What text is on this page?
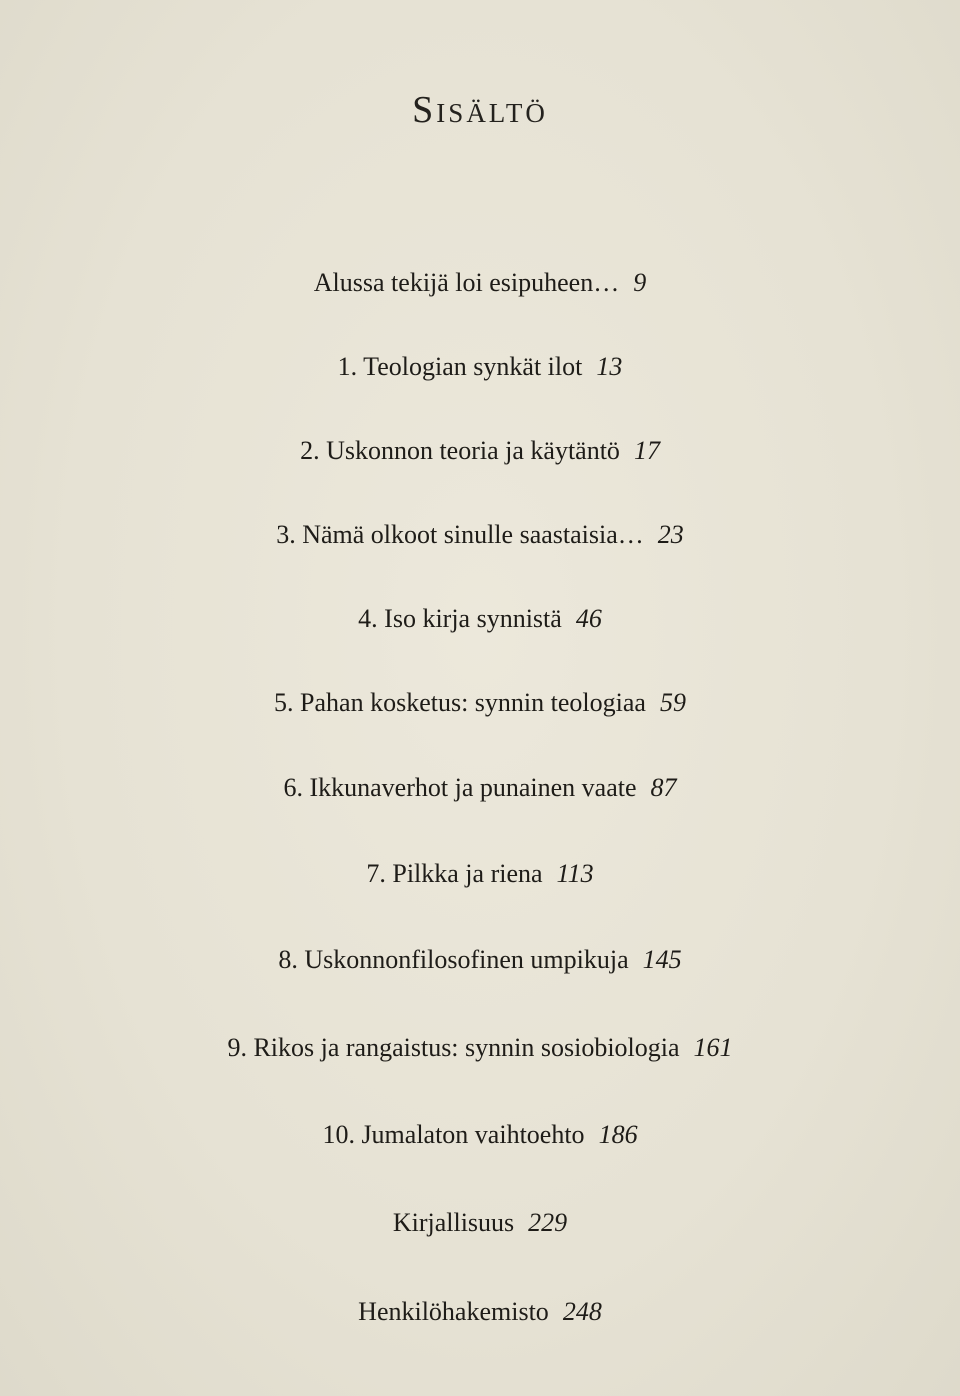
Sisältö
Alussa tekijä loi esipuheen… 9
1. Teologian synkät ilot 13
2. Uskonnon teoria ja käytäntö 17
3. Nämä olkoot sinulle saastaisia… 23
4. Iso kirja synnistä 46
5. Pahan kosketus: synnin teologiaa 59
6. Ikkunaverhot ja punainen vaate 87
7. Pilkka ja riena 113
8. Uskonnonfilosofinen umpikuja 145
9. Rikos ja rangaistus: synnin sosiobiologia 161
10. Jumalaton vaihtoehto 186
Kirjallisuus 229
Henkilöhakemisto 248
